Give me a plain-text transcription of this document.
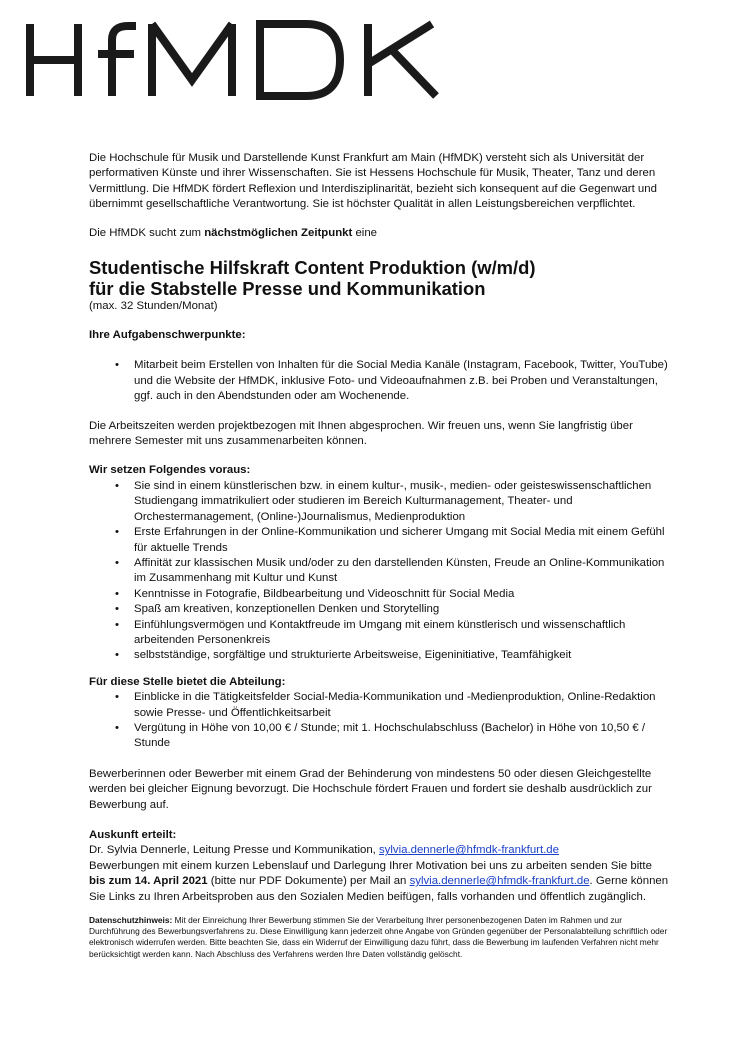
Die Hochschule für Musik und Darstellende Kunst Frankfurt am Main (HfMDK) versteht sich als Universität der performativen Künste und ihrer Wissenschaften. Sie ist Hessens Hochschule für Musik, Theater, Tanz und deren Vermittlung. Die HfMDK fördert Reflexion und Interdisziplinarität, bezieht sich konsequent auf die Gegenwart und übernimmt gesellschaftliche Verantwortung. Sie ist höchster Qualität in allen Leistungsbereichen verpflichtet.

Die HfMDK sucht zum nächstmöglichen Zeitpunkt eine

Studentische Hilfskraft Content Produktion (w/m/d)
für die Stabstelle Presse und Kommunikation

(max. 32 Stunden/Monat)

Ihre Aufgabenschwerpunkte:

• Mitarbeit beim Erstellen von Inhalten für die Social Media Kanäle (Instagram, Facebook, Twitter, YouTube) und die Website der HfMDK, inklusive Foto- und Videoaufnahmen z.B. bei Proben und Veranstaltungen, ggf. auch in den Abendstunden oder am Wochenende.

Die Arbeitszeiten werden projektbezogen mit Ihnen abgesprochen. Wir freuen uns, wenn Sie langfristig über mehrere Semester mit uns zusammenarbeiten können.

Wir setzen Folgendes voraus:

• Sie sind in einem künstlerischen bzw. in einem kultur-, musik-, medien- oder geisteswissenschaftlichen Studiengang immatrikuliert oder studieren im Bereich Kulturmanagement, Theater- und Orchestermanagement, (Online-)Journalismus, Medienproduktion
• Erste Erfahrungen in der Online-Kommunikation und sicherer Umgang mit Social Media mit einem Gefühl für aktuelle Trends
• Affinität zur klassischen Musik und/oder zu den darstellenden Künsten, Freude an Online-Kommunikation im Zusammenhang mit Kultur und Kunst
• Kenntnisse in Fotografie, Bildbearbeitung und Videoschnitt für Social Media
• Spaß am kreativen, konzeptionellen Denken und Storytelling
• Einfühlungsvermögen und Kontaktfreude im Umgang mit einem künstlerisch und wissenschaftlich arbeitenden Personenkreis
• selbstständige, sorgfältige und strukturierte Arbeitsweise, Eigeninitiative, Teamfähigkeit

Für diese Stelle bietet die Abteilung:

• Einblicke in die Tätigkeitsfelder Social-Media-Kommunikation und -Medienproduktion, Online-Redaktion sowie Presse- und Öffentlichkeitsarbeit
• Vergütung in Höhe von 10,00 € / Stunde; mit 1. Hochschulabschluss (Bachelor) in Höhe von 10,50 € / Stunde

Bewerberinnen oder Bewerber mit einem Grad der Behinderung von mindestens 50 oder diesen Gleichgestellte werden bei gleicher Eignung bevorzugt. Die Hochschule fördert Frauen und fordert sie deshalb ausdrücklich zur Bewerbung auf.

Auskunft erteilt:

Dr. Sylvia Dennerle, Leitung Presse und Kommunikation, sylvia.dennerle@hfmdk-frankfurt.de

Bewerbungen mit einem kurzen Lebenslauf und Darlegung Ihrer Motivation bei uns zu arbeiten senden Sie bitte bis zum 14. April 2021 (bitte nur PDF Dokumente) per Mail an sylvia.dennerle@hfmdk-frankfurt.de. Gerne können Sie Links zu Ihren Arbeitsproben aus den Sozialen Medien beifügen, falls vorhanden und öffentlich zugänglich.

Datenschutzhinweis: Mit der Einreichung Ihrer Bewerbung stimmen Sie der Verarbeitung Ihrer personenbezogenen Daten im Rahmen und zur Durchführung des Bewerbungsverfahrens zu. Diese Einwilligung kann jederzeit ohne Angabe von Gründen gegenüber der Personalabteilung schriftlich oder elektronisch widerrufen werden. Bitte beachten Sie, dass ein Widerruf der Einwilligung dazu führt, dass die Bewerbung im laufenden Verfahren nicht mehr berücksichtigt werden kann. Nach Abschluss des Verfahrens werden Ihre Daten vollständig gelöscht.
